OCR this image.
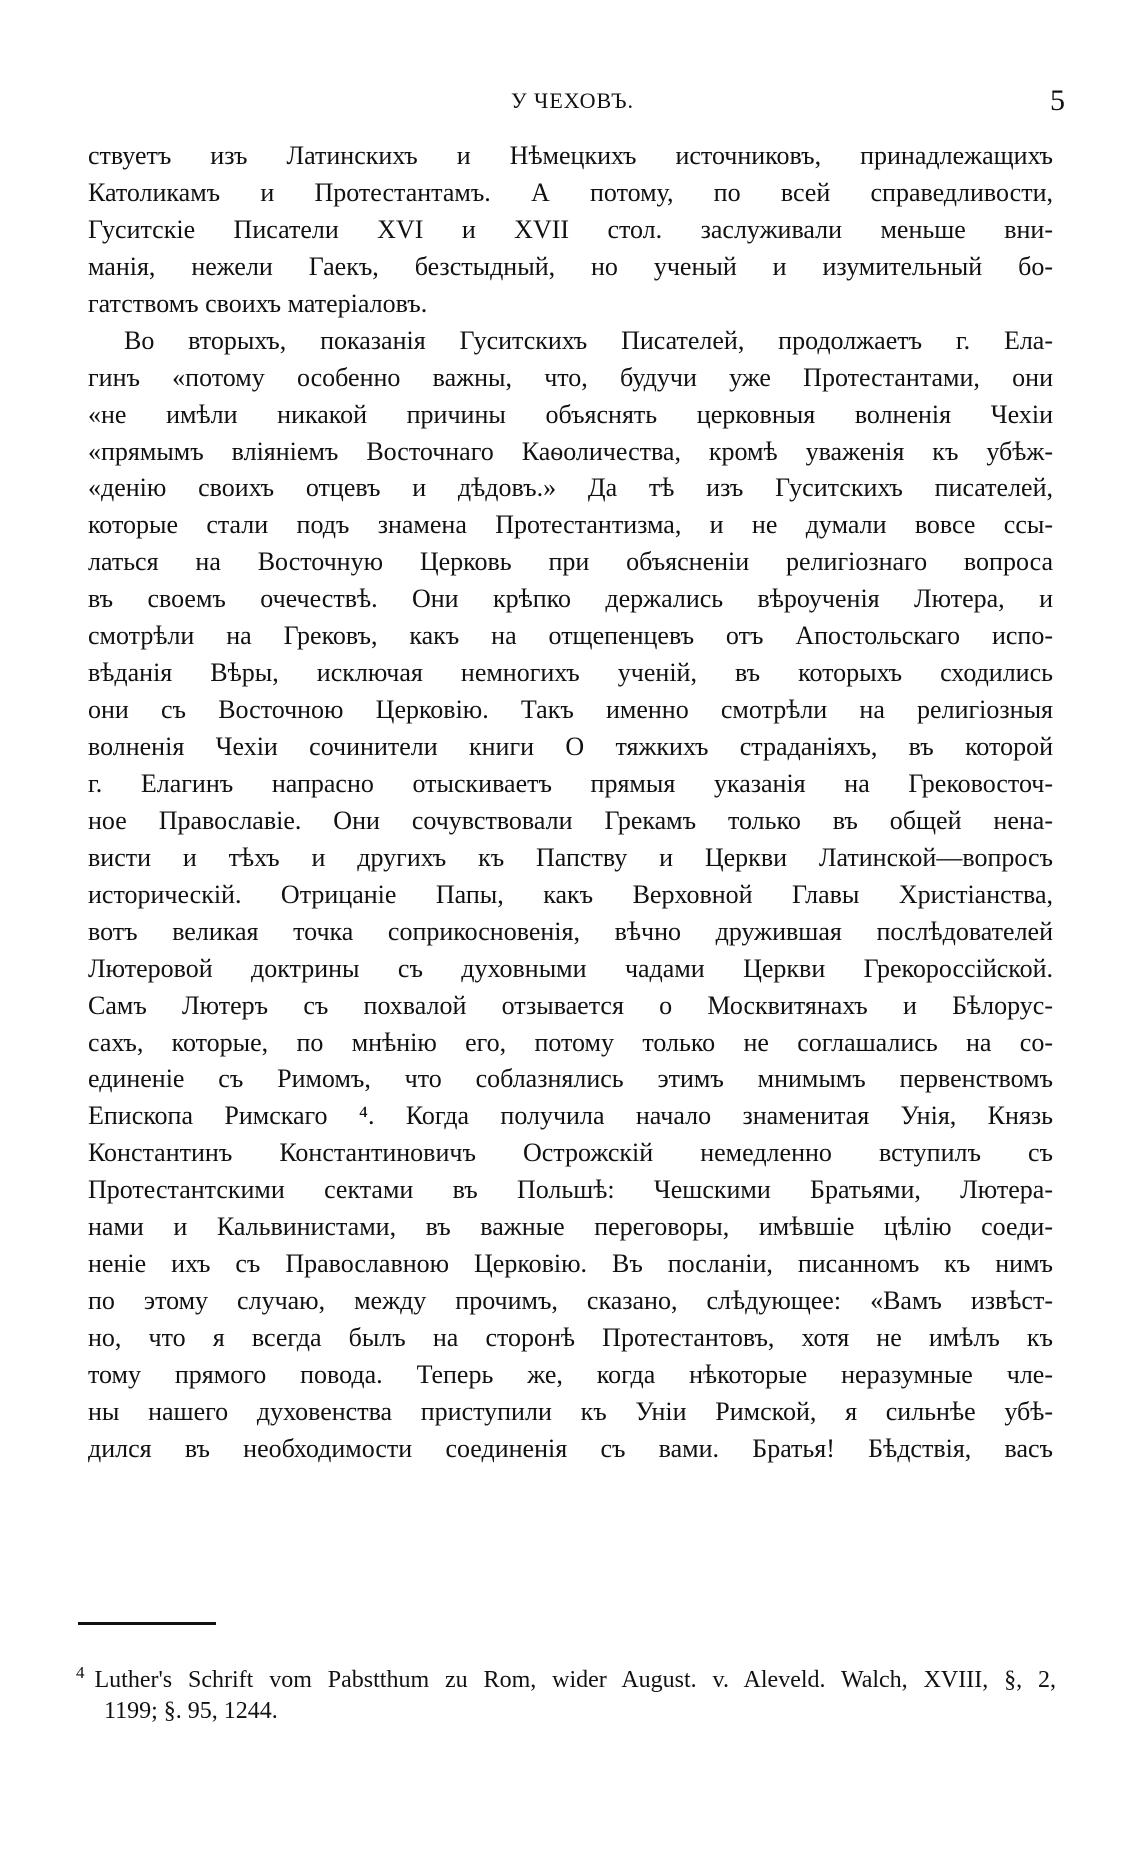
У ЧЕХОВЪ.	5
ствуетъ изъ Латинскихъ и Нѣмецкихъ источниковъ, принадлежащихъ
Католикамъ и Протестантамъ. А потому, по всей справедливости,
Гуситскіе Писатели XVI и XVII стол. заслуживали меньше вни-
манія, нежели Гаекъ, безстыдный, но ученый и изумительный бо-
гатствомъ своихъ матеріаловъ.
Во вторыхъ, показанія Гуситскихъ Писателей, продолжаетъ г. Ела-
гинъ «потому особенно важны, что, будучи уже Протестантами, они
«не имѣли никакой причины объяснять церковныя волненія Чехіи
«прямымъ вліяніемъ Восточнаго Каѳоличества, кромѣ уваженія къ убѣж-
«денію своихъ отцевъ и дѣдовъ.» Да тѣ изъ Гуситскихъ писателей,
которые стали подъ знамена Протестантизма, и не думали вовсе ссы-
латься на Восточную Церковь при объясненіи религіознаго вопроса
въ своемъ очечествѣ. Они крѣпко держались вѣроученія Лютера, и
смотрѣли на Грековъ, какъ на отщепенцевъ отъ Апостольскаго испо-
вѣданія Вѣры, исключая немногихъ ученій, въ которыхъ сходились
они съ Восточною Церковію. Такъ именно смотрѣли на религіозныя
волненія Чехіи сочинители книги О тяжкихъ страданіяхъ, въ которой
г. Елагинъ напрасно отыскиваетъ прямыя указанія на Грековосточ-
ное Православіе. Они сочувствовали Грекамъ только въ общей нена-
висти и тѣхъ и другихъ къ Папству и Церкви Латинской—вопросъ
историческій. Отрицаніе Папы, какъ Верховной Главы Христіанства,
вотъ великая точка соприкосновенія, вѣчно дружившая послѣдователей
Лютеровой доктрины съ духовными чадами Церкви Грекороссійской.
Самъ Лютеръ съ похвалой отзывается о Москвитянахъ и Бѣлорус-
сахъ, которые, по мнѣнію его, потому только не соглашались на со-
единеніе съ Римомъ, что соблазнялись этимъ мнимымъ первенствомъ
Епископа Римскаго ⁴. Когда получила начало знаменитая Унія, Князь
Константинъ Константиновичъ Острожскій немедленно вступилъ съ
Протестантскими сектами въ Польшѣ: Чешскими Братьями, Лютера-
нами и Кальвинистами, въ важные переговоры, имѣвшіе цѣлію соеди-
неніе ихъ съ Православною Церковію. Въ посланіи, писанномъ къ нимъ
по этому случаю, между прочимъ, сказано, слѣдующее: «Вамъ извѣст-
но, что я всегда былъ на сторонѣ Протестантовъ, хотя не имѣлъ къ
тому прямого повода. Теперь же, когда нѣкоторые неразумные чле-
ны нашего духовенства приступили къ Уніи Римской, я сильнѣе убѣ-
дился въ необходимости соединенія съ вами. Братья! Бѣдствія, васъ
$^4$ Luther's Schrift vom Pabstthum zu Rom, wider August. v. Aleveld. Walch, XVIII, §, 2,
1199; §. 95, 1244.
